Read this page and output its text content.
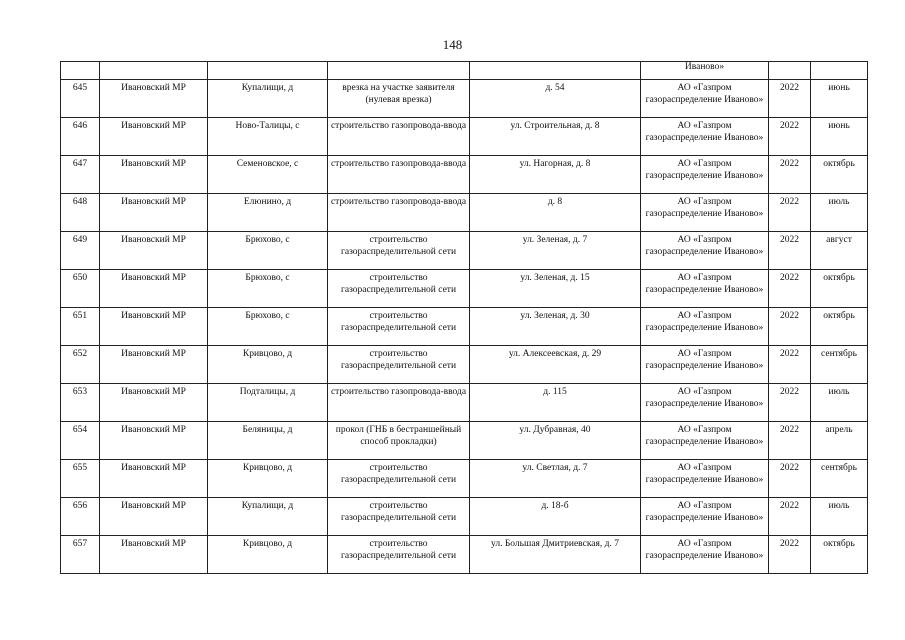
148
					Иваново»		
645	Ивановский МР	Купалищи, д	врезка на участке заявителя (нулевая врезка)	д. 54	АО «Газпром газораспределение Иваново»	2022	июнь
646	Ивановский МР	Ново-Талицы, с	строительство газопровода-ввода	ул. Строительная, д. 8	АО «Газпром газораспределение Иваново»	2022	июнь
647	Ивановский МР	Семеновское, с	строительство газопровода-ввода	ул. Нагорная, д. 8	АО «Газпром газораспределение Иваново»	2022	октябрь
648	Ивановский МР	Елюнино, д	строительство газопровода-ввода	д. 8	АО «Газпром газораспределение Иваново»	2022	июль
649	Ивановский МР	Брюхово, с	строительство газораспределительной сети	ул. Зеленая, д. 7	АО «Газпром газораспределение Иваново»	2022	август
650	Ивановский МР	Брюхово, с	строительство газораспределительной сети	ул. Зеленая, д. 15	АО «Газпром газораспределение Иваново»	2022	октябрь
651	Ивановский МР	Брюхово, с	строительство газораспределительной сети	ул. Зеленая, д. 30	АО «Газпром газораспределение Иваново»	2022	октябрь
652	Ивановский МР	Кривцово, д	строительство газораспределительной сети	ул. Алексеевская, д. 29	АО «Газпром газораспределение Иваново»	2022	сентябрь
653	Ивановский МР	Подталицы, д	строительство газопровода-ввода	д. 115	АО «Газпром газораспределение Иваново»	2022	июль
654	Ивановский МР	Беляницы, д	прокол (ГНБ в бестраншейный способ прокладки)	ул. Дубравная, 40	АО «Газпром газораспределение Иваново»	2022	апрель
655	Ивановский МР	Кривцово, д	строительство газораспределительной сети	ул. Светлая, д. 7	АО «Газпром газораспределение Иваново»	2022	сентябрь
656	Ивановский МР	Купалищи, д	строительство газораспределительной сети	д. 18-б	АО «Газпром газораспределение Иваново»	2022	июль
657	Ивановский МР	Кривцово, д	строительство газораспределительной сети	ул. Большая Дмитриевская, д. 7	АО «Газпром газораспределение Иваново»	2022	октябрь
